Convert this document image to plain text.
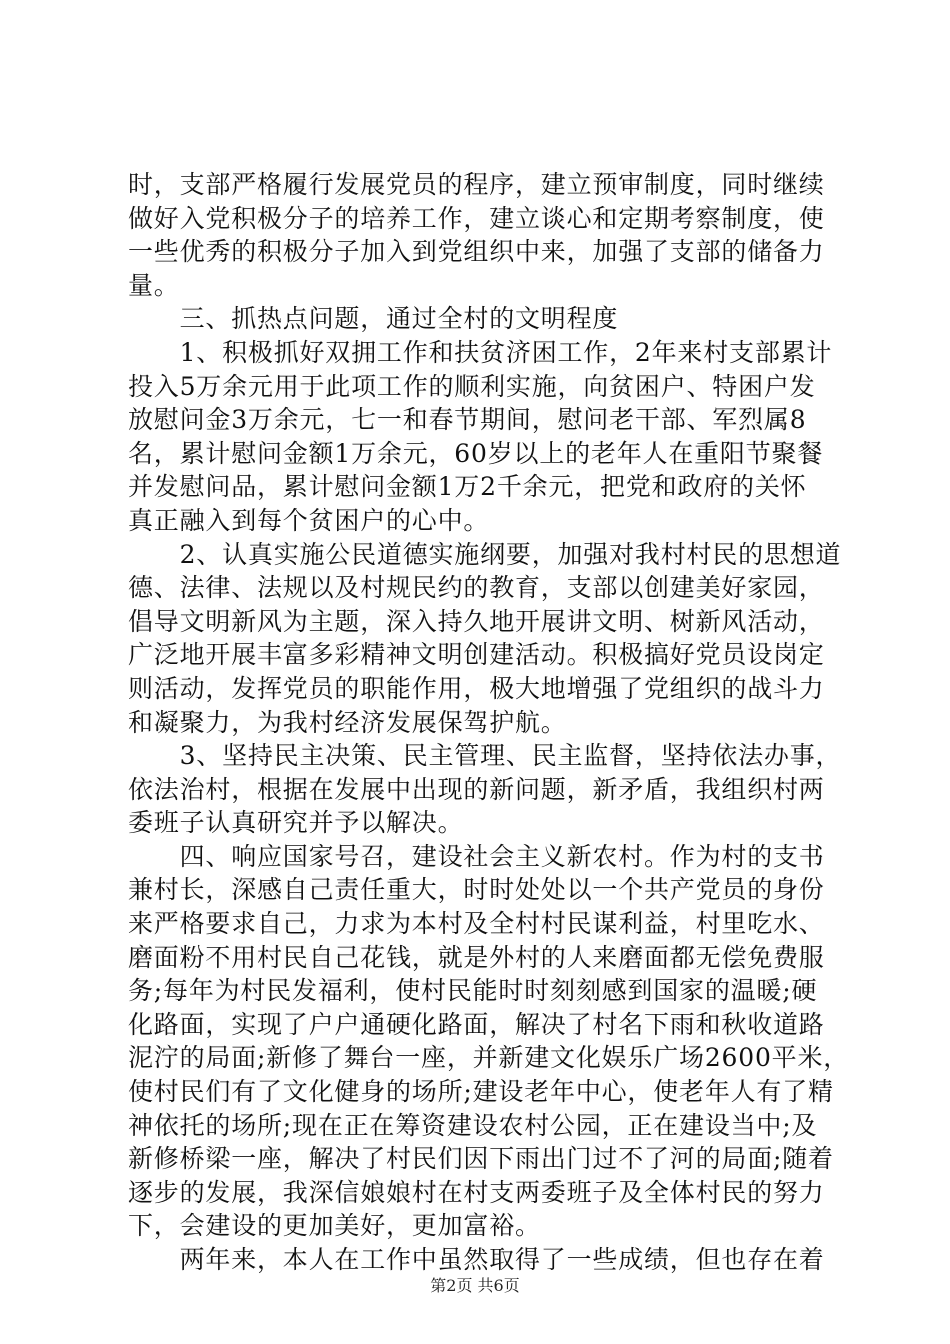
时，支部严格履行发展党员的程序，建立预审制度，同时继续
做好入党积极分子的培养工作，建立谈心和定期考察制度，使
一些优秀的积极分子加入到党组织中来，加强了支部的储备力
量。
　　三、抓热点问题，通过全村的文明程度
　　1、积极抓好双拥工作和扶贫济困工作，2年来村支部累计
投入5万余元用于此项工作的顺利实施，向贫困户、特困户发
放慰问金3万余元，七一和春节期间，慰问老干部、军烈属8
名，累计慰问金额1万余元，60岁以上的老年人在重阳节聚餐
并发慰问品，累计慰问金额1万2千余元，把党和政府的关怀
真正融入到每个贫困户的心中。
　　2、认真实施公民道德实施纲要，加强对我村村民的思想道
德、法律、法规以及村规民约的教育，支部以创建美好家园，
倡导文明新风为主题，深入持久地开展讲文明、树新风活动，
广泛地开展丰富多彩精神文明创建活动。积极搞好党员设岗定
则活动，发挥党员的职能作用，极大地增强了党组织的战斗力
和凝聚力，为我村经济发展保驾护航。
　　3、坚持民主决策、民主管理、民主监督，坚持依法办事，
依法治村，根据在发展中出现的新问题，新矛盾，我组织村两
委班子认真研究并予以解决。
　　四、响应国家号召，建设社会主义新农村。作为村的支书
兼村长，深感自己责任重大，时时处处以一个共产党员的身份
来严格要求自己，力求为本村及全村村民谋利益，村里吃水、
磨面粉不用村民自己花钱，就是外村的人来磨面都无偿免费服
务;每年为村民发福利，使村民能时时刻刻感到国家的温暖;硬
化路面，实现了户户通硬化路面，解决了村名下雨和秋收道路
泥泞的局面;新修了舞台一座，并新建文化娱乐广场2600平米，
使村民们有了文化健身的场所;建设老年中心，使老年人有了精
神依托的场所;现在正在筹资建设农村公园，正在建设当中;及
新修桥梁一座，解决了村民们因下雨出门过不了河的局面;随着
逐步的发展，我深信娘娘村在村支两委班子及全体村民的努力
下，会建设的更加美好，更加富裕。
　　两年来，本人在工作中虽然取得了一些成绩，但也存在着
第2页 共6页
